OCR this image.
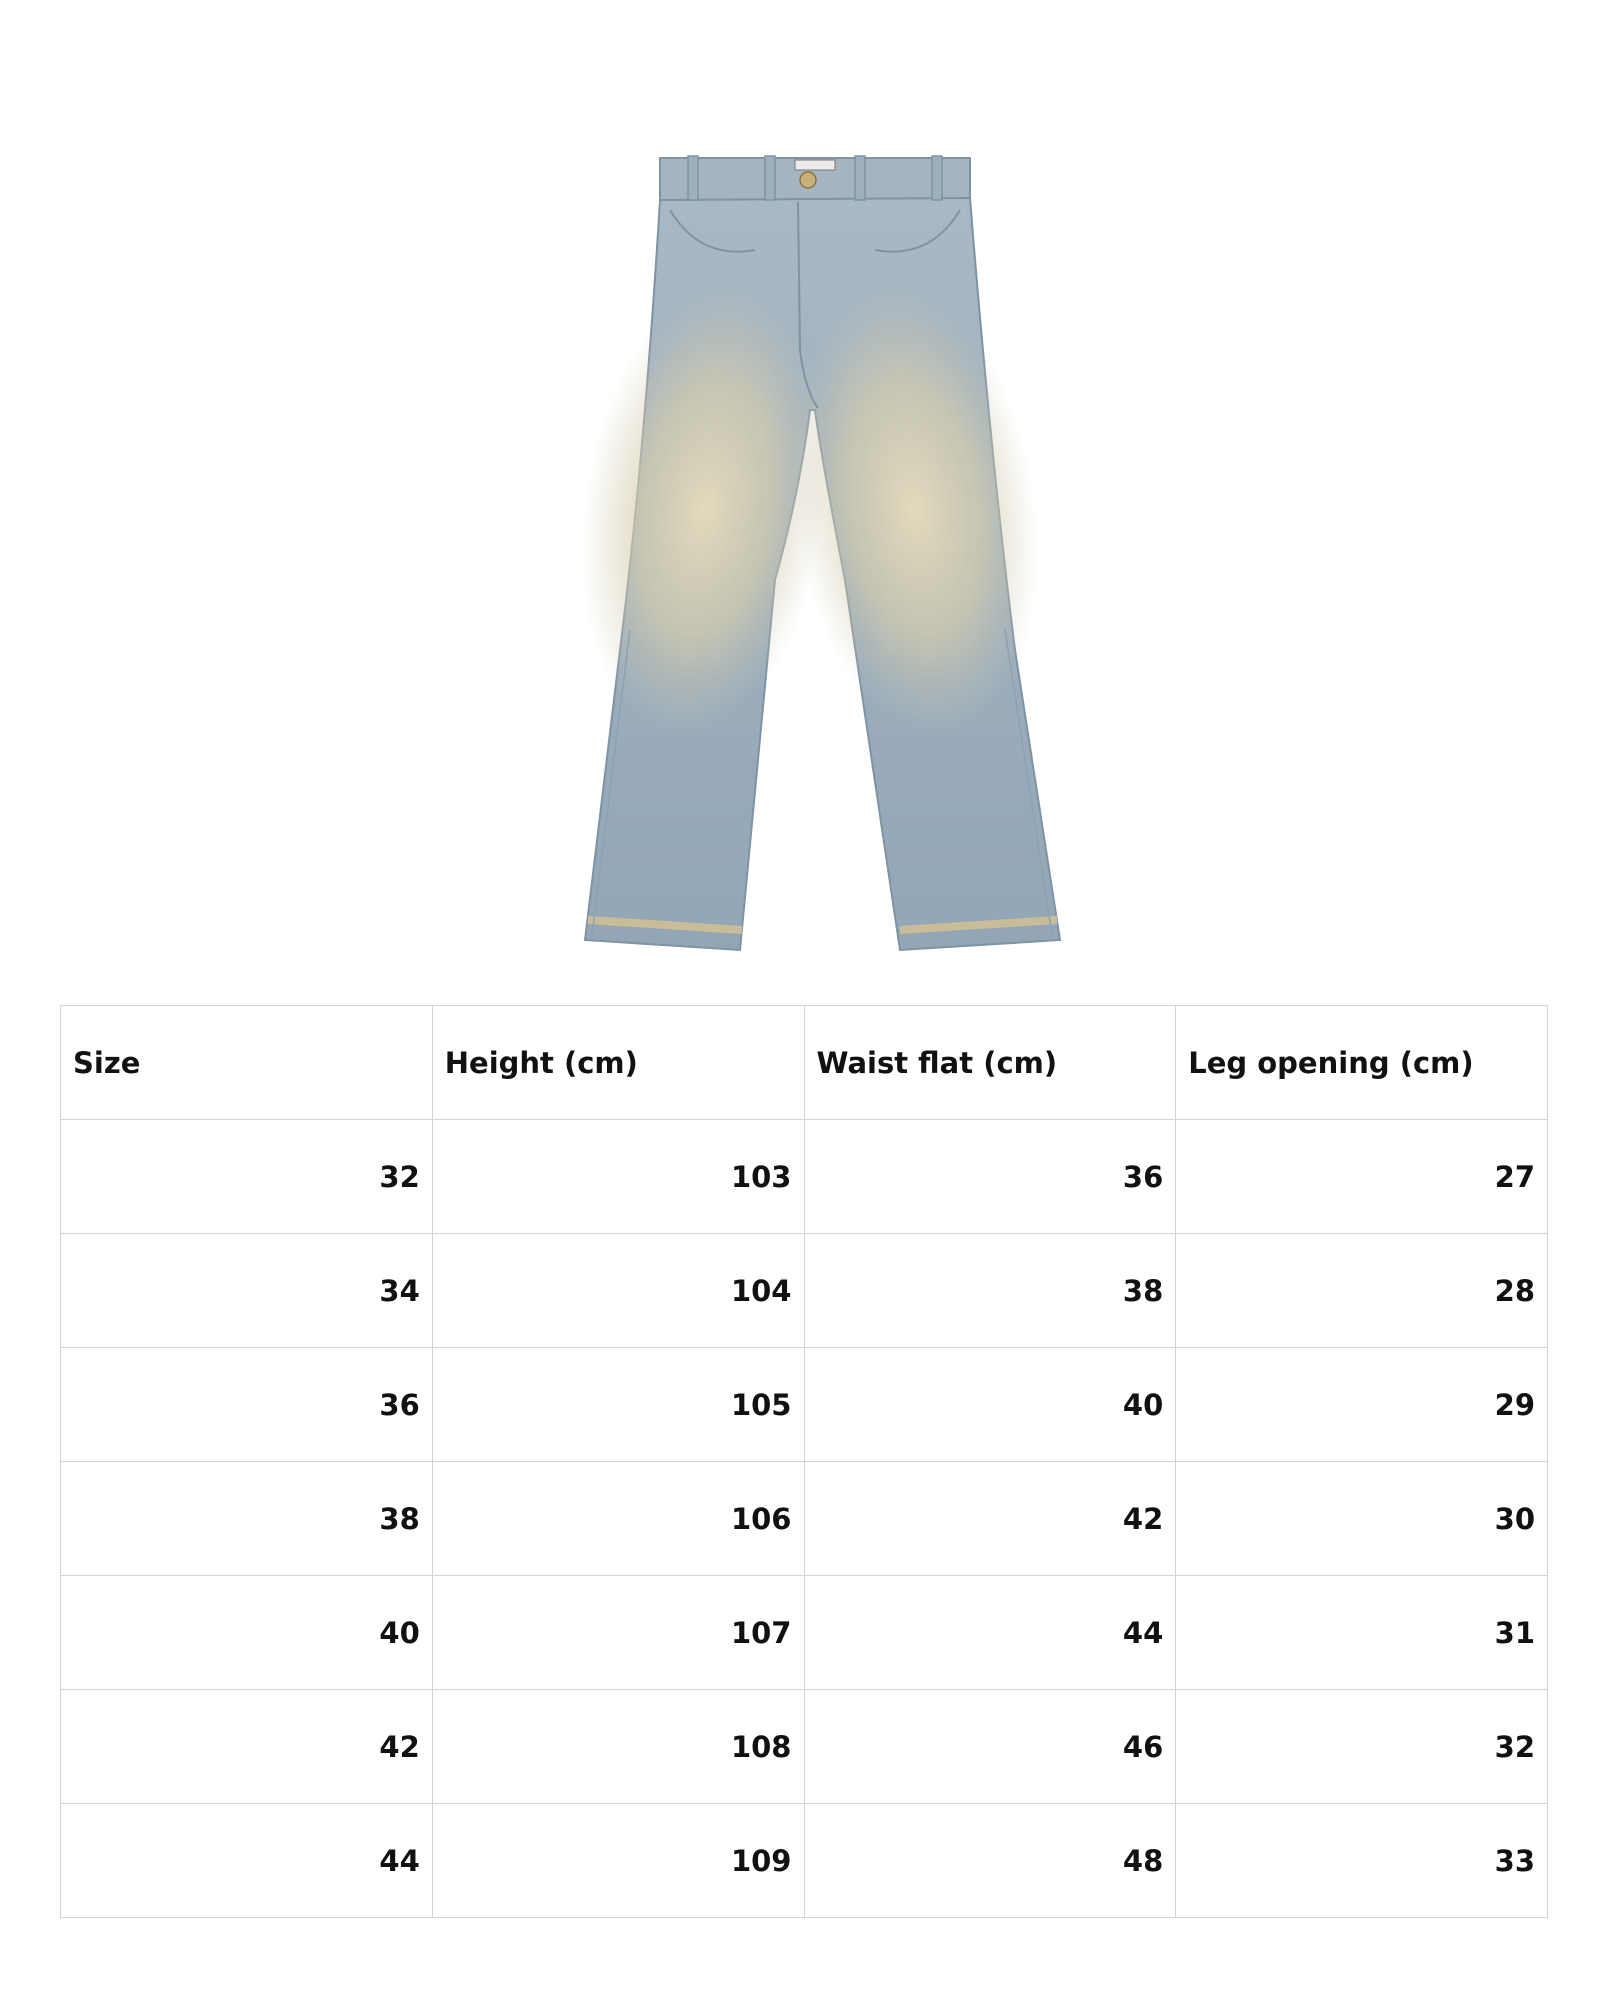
Size	Height (cm)	Waist flat (cm)	Leg opening (cm)
32	103	36	27
34	104	38	28
36	105	40	29
38	106	42	30
40	107	44	31
42	108	46	32
44	109	48	33
